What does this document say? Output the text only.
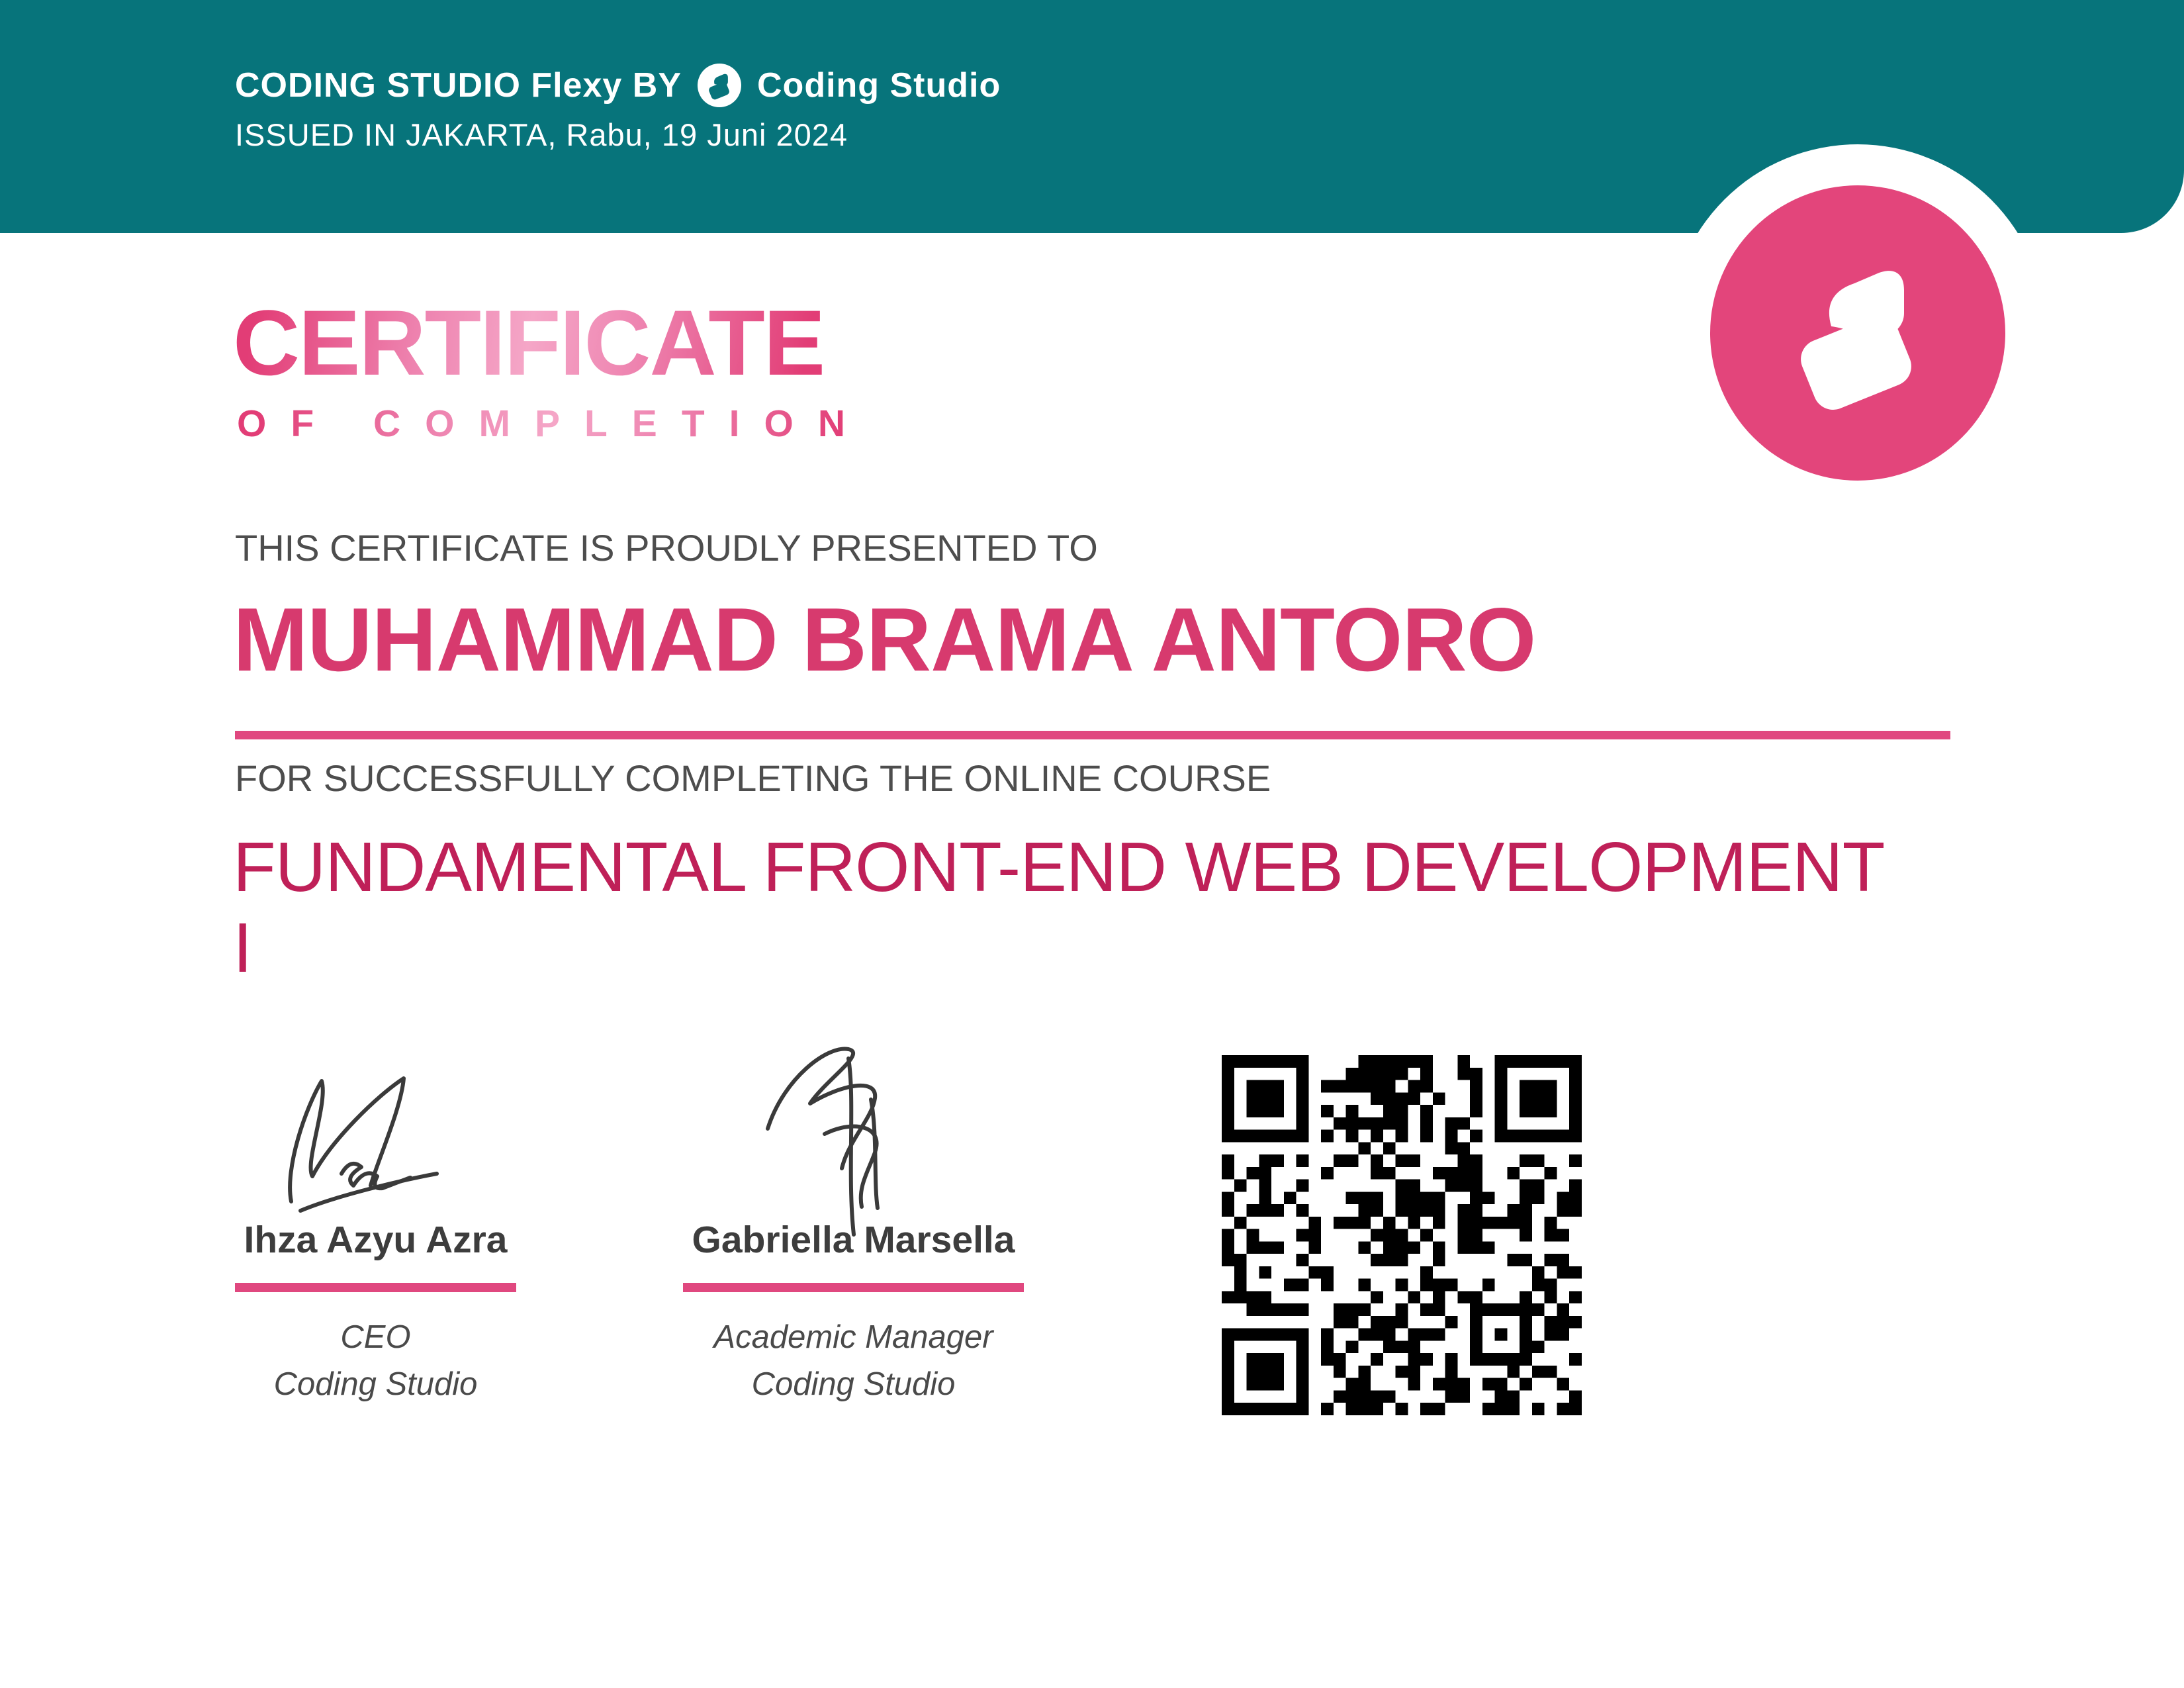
CODING STUDIO Flexy BY Coding Studio
ISSUED IN JAKARTA, Rabu, 19 Juni 2024
CERTIFICATE
OF COMPLETION
THIS CERTIFICATE IS PROUDLY PRESENTED TO
MUHAMMAD BRAMA ANTORO
FOR SUCCESSFULLY COMPLETING THE ONLINE COURSE
FUNDAMENTAL FRONT-END WEB DEVELOPMENT
I
Ihza Azyu Azra
CEO
Coding Studio
Gabriella Marsella
Academic Manager
Coding Studio
